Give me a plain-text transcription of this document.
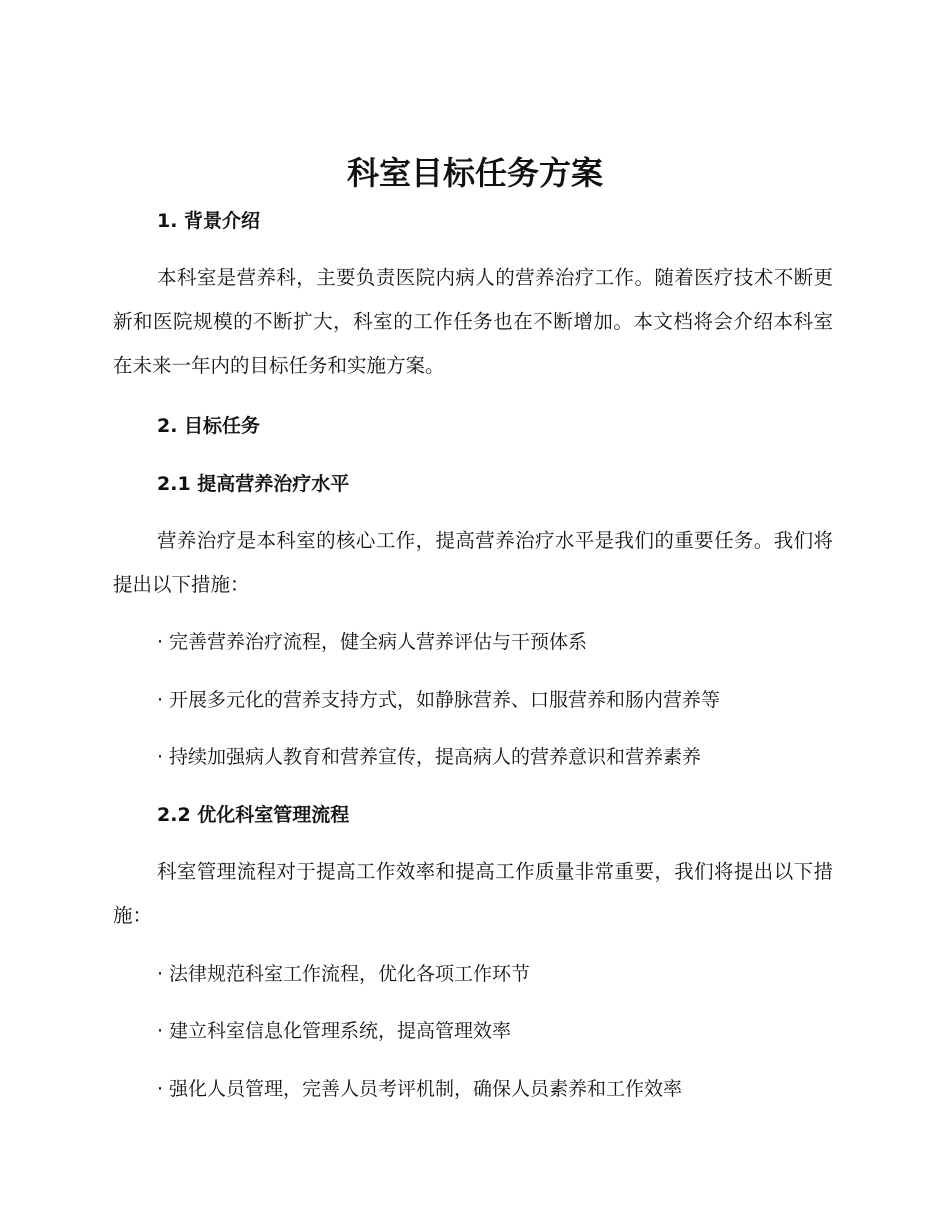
科室目标任务方案
1. 背景介绍
本科室是营养科，主要负责医院内病人的营养治疗工作。随着医疗技术不断更新和医院规模的不断扩大，科室的工作任务也在不断增加。本文档将会介绍本科室在未来一年内的目标任务和实施方案。
2. 目标任务
2.1 提高营养治疗水平
营养治疗是本科室的核心工作，提高营养治疗水平是我们的重要任务。我们将提出以下措施：
· 完善营养治疗流程，健全病人营养评估与干预体系
· 开展多元化的营养支持方式，如静脉营养、口服营养和肠内营养等
· 持续加强病人教育和营养宣传，提高病人的营养意识和营养素养
2.2 优化科室管理流程
科室管理流程对于提高工作效率和提高工作质量非常重要，我们将提出以下措施：
· 法律规范科室工作流程，优化各项工作环节
· 建立科室信息化管理系统，提高管理效率
· 强化人员管理，完善人员考评机制，确保人员素养和工作效率
